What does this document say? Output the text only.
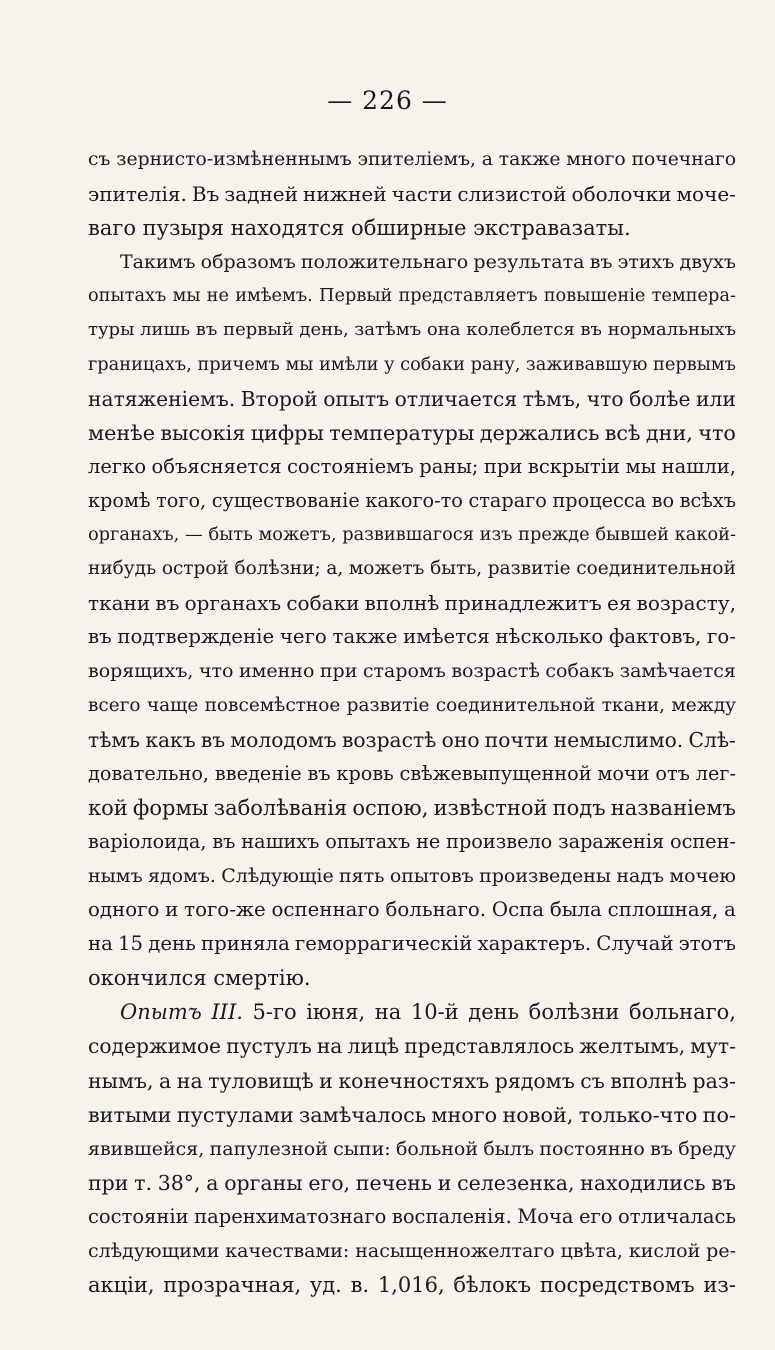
— 226 —
съ зернисто-измѣненнымъ эпителіемъ, а также много почечнаго
эпителія. Въ задней нижней части слизистой оболочки моче-
ваго пузыря находятся обширные экстравазаты.
Такимъ образомъ положительнаго результата въ этихъ двухъ
опытахъ мы не имѣемъ. Первый представляетъ повышеніе темпера-
туры лишь въ первый день, затѣмъ она колеблется въ нормальныхъ
границахъ, причемъ мы имѣли у собаки рану, заживавшую первымъ
натяженіемъ. Второй опытъ отличается тѣмъ, что болѣе или
менѣе высокія цифры температуры держались всѣ дни, что
легко объясняется состояніемъ раны; при вскрытіи мы нашли,
кромѣ того, существованіе какого-то стараго процесса во всѣхъ
органахъ, — быть можетъ, развившагося изъ прежде бывшей какой-
нибудь острой болѣзни; а, можетъ быть, развитіе соединительной
ткани въ органахъ собаки вполнѣ принадлежитъ ея возрасту,
въ подтвержденіе чего также имѣется нѣсколько фактовъ, го-
ворящихъ, что именно при старомъ возрастѣ собакъ замѣчается
всего чаще повсемѣстное развитіе соединительной ткани, между
тѣмъ какъ въ молодомъ возрастѣ оно почти немыслимо. Слѣ-
довательно, введеніе въ кровь свѣжевыпущенной мочи отъ лег-
кой формы заболѣванія оспою, извѣстной подъ названіемъ
варіолоида, въ нашихъ опытахъ не произвело зараженія оспен-
нымъ ядомъ. Слѣдующіе пять опытовъ произведены надъ мочею
одного и того-же оспеннаго больнаго. Оспа была сплошная, а
на 15 день приняла геморрагическій характеръ. Случай этотъ
окончился смертію.
Опытъ III. 5-го іюня, на 10-й день болѣзни больнаго,
содержимое пустулъ на лицѣ представлялось желтымъ, мут-
нымъ, а на туловищѣ и конечностяхъ рядомъ съ вполнѣ раз-
витыми пустулами замѣчалось много новой, только-что по-
явившейся, папулезной сыпи: больной былъ постоянно въ бреду
при т. 38°, а органы его, печень и селезенка, находились въ
состояніи паренхиматознаго воспаленія. Моча его отличалась
слѣдующими качествами: насыщенножелтаго цвѣта, кислой ре-
акціи, прозрачная, уд. в. 1,016, бѣлокъ посредствомъ из-
